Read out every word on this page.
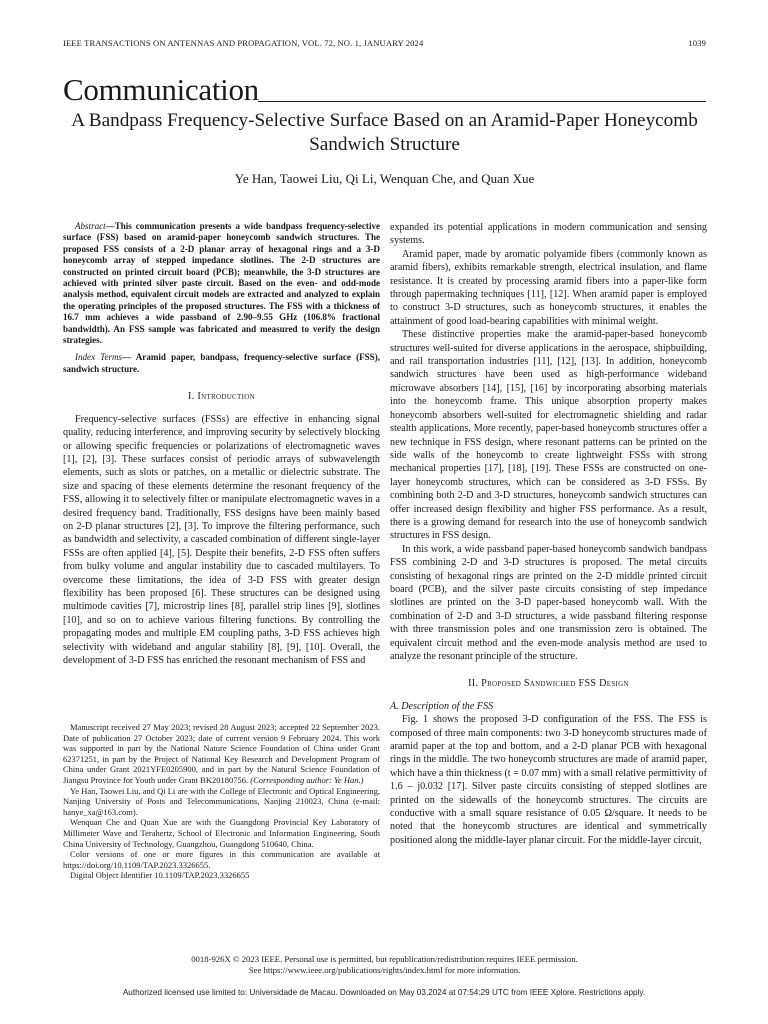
IEEE TRANSACTIONS ON ANTENNAS AND PROPAGATION, VOL. 72, NO. 1, JANUARY 2024	1039
Communication
A Bandpass Frequency-Selective Surface Based on an Aramid-Paper Honeycomb Sandwich Structure
Ye Han, Taowei Liu, Qi Li, Wenquan Che, and Quan Xue

Abstract—This communication presents a wide bandpass frequency-selective surface (FSS) based on aramid-paper honeycomb sandwich structures. The proposed FSS consists of a 2-D planar array of hexagonal rings and a 3-D honeycomb array of stepped impedance slotlines. The 2-D structures are constructed on printed circuit board (PCB); meanwhile, the 3-D structures are achieved with printed silver paste circuit. Based on the even- and odd-mode analysis method, equivalent circuit models are extracted and analyzed to explain the operating principles of the proposed structures. The FSS with a thickness of 16.7 mm achieves a wide passband of 2.90–9.55 GHz (106.8% fractional bandwidth). An FSS sample was fabricated and measured to verify the design strategies.

Index Terms— Aramid paper, bandpass, frequency-selective surface (FSS), sandwich structure.

I. Introduction

Frequency-selective surfaces (FSSs) are effective in enhancing signal quality, reducing interference, and improving security by selectively blocking or allowing specific frequencies or polarizations of electromagnetic waves [1], [2], [3]. These surfaces consist of periodic arrays of subwavelength elements, such as slots or patches, on a metallic or dielectric substrate. The size and spacing of these elements determine the resonant frequency of the FSS, allowing it to selectively filter or manipulate electromagnetic waves in a desired frequency band. Traditionally, FSS designs have been mainly based on 2-D planar structures [2], [3]. To improve the filtering performance, such as bandwidth and selectivity, a cascaded combination of different single-layer FSSs are often applied [4], [5]. Despite their benefits, 2-D FSS often suffers from bulky volume and angular instability due to cascaded multilayers. To overcome these limitations, the idea of 3-D FSS with greater design flexibility has been proposed [6]. These structures can be designed using multimode cavities [7], microstrip lines [8], parallel strip lines [9], slotlines [10], and so on to achieve various filtering functions. By controlling the propagating modes and multiple EM coupling paths, 3-D FSS achieves high selectivity with wideband and angular stability [8], [9], [10]. Overall, the development of 3-D FSS has enriched the resonant mechanism of FSS and

Manuscript received 27 May 2023; revised 28 August 2023; accepted 22 September 2023. Date of publication 27 October 2023; date of current version 9 February 2024. This work was supported in part by the National Nature Science Foundation of China under Grant 62371251, in part by the Project of National Key Research and Development Program of China under Grant 2021YFE0205900, and in part by the Natural Science Foundation of Jiangsu Province for Youth under Grant BK20180756. (Corresponding author: Ye Han.)

Ye Han, Taowei Liu, and Qi Li are with the College of Electronic and Optical Engineering, Nanjing University of Posts and Telecommunications, Nanjing 210023, China (e-mail: hanye_xa@163.com).

Wenquan Che and Quan Xue are with the Guangdong Provincial Key Laboratory of Millimeter Wave and Terahertz, School of Electronic and Information Engineering, South China University of Technology, Guangzhou, Guangdong 510640, China.

Color versions of one or more figures in this communication are available at https://doi.org/10.1109/TAP.2023.3326655.

Digital Object Identifier 10.1109/TAP.2023.3326655

expanded its potential applications in modern communication and sensing systems.

Aramid paper, made by aromatic polyamide fibers (commonly known as aramid fibers), exhibits remarkable strength, electrical insulation, and flame resistance. It is created by processing aramid fibers into a paper-like form through papermaking techniques [11], [12]. When aramid paper is employed to construct 3-D structures, such as honeycomb structures, it enables the attainment of good load-bearing capabilities with minimal weight.

These distinctive properties make the aramid-paper-based honeycomb structures well-suited for diverse applications in the aerospace, shipbuilding, and rail transportation industries [11], [12], [13]. In addition, honeycomb sandwich structures have been used as high-performance wideband microwave absorbers [14], [15], [16] by incorporating absorbing materials into the honeycomb frame. This unique absorption property makes honeycomb absorbers well-suited for electromagnetic shielding and radar stealth applications. More recently, paper-based honeycomb structures offer a new technique in FSS design, where resonant patterns can be printed on the side walls of the honeycomb to create lightweight FSSs with strong mechanical properties [17], [18], [19]. These FSSs are constructed on one-layer honeycomb structures, which can be considered as 3-D FSSs. By combining both 2-D and 3-D structures, honeycomb sandwich structures can offer increased design flexibility and higher FSS performance. As a result, there is a growing demand for research into the use of honeycomb sandwich structures in FSS design.

In this work, a wide passband paper-based honeycomb sandwich bandpass FSS combining 2-D and 3-D structures is proposed. The metal circuits consisting of hexagonal rings are printed on the 2-D middle printed circuit board (PCB), and the silver paste circuits consisting of step impedance slotlines are printed on the 3-D paper-based honeycomb wall. With the combination of 2-D and 3-D structures, a wide passband filtering response with three transmission poles and one transmission zero is obtained. The equivalent circuit method and the even-mode analysis method are used to analyze the resonant principle of the structure.

II. Proposed Sandwiched FSS Design

A. Description of the FSS

Fig. 1 shows the proposed 3-D configuration of the FSS. The FSS is composed of three main components: two 3-D honeycomb structures made of aramid paper at the top and bottom, and a 2-D planar PCB with hexagonal rings in the middle. The two honeycomb structures are made of aramid paper, which have a thin thickness (t = 0.07 mm) with a small relative permittivity of 1.6 – j0.032 [17]. Silver paste circuits consisting of stepped slotlines are printed on the sidewalls of the honeycomb structures. The circuits are conductive with a small square resistance of 0.05 Ω/square. It needs to be noted that the honeycomb structures are identical and symmetrically positioned along the middle-layer planar circuit. For the middle-layer circuit,

0018-926X © 2023 IEEE. Personal use is permitted, but republication/redistribution requires IEEE permission.
See https://www.ieee.org/publications/rights/index.html for more information.
Authorized licensed use limited to: Universidade de Macau. Downloaded on May 03,2024 at 07:54:29 UTC from IEEE Xplore. Restrictions apply.
